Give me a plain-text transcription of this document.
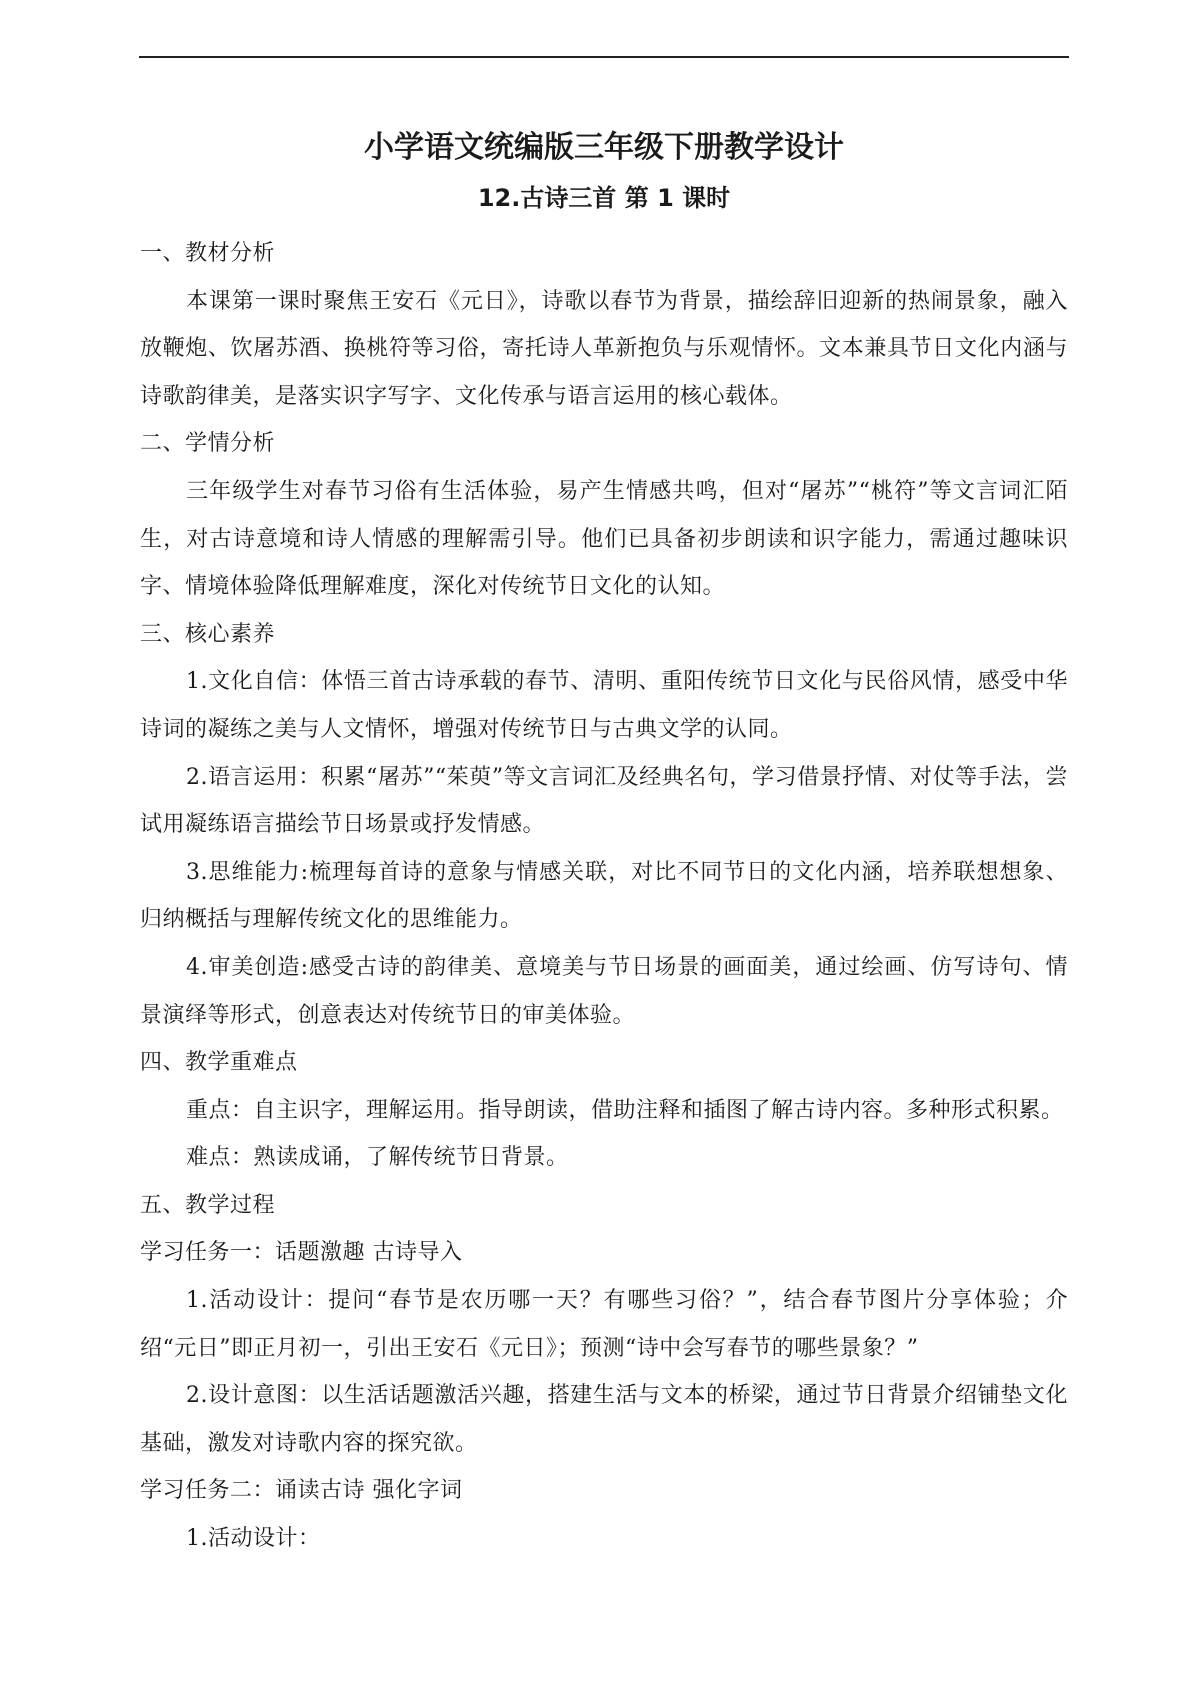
小学语文统编版三年级下册教学设计
12.古诗三首 第 1 课时

一、教材分析

本课第一课时聚焦王安石《元日》，诗歌以春节为背景，描绘辞旧迎新的热闹景象，融入放鞭炮、饮屠苏酒、换桃符等习俗，寄托诗人革新抱负与乐观情怀。文本兼具节日文化内涵与诗歌韵律美，是落实识字写字、文化传承与语言运用的核心载体。

二、学情分析

三年级学生对春节习俗有生活体验，易产生情感共鸣，但对“屠苏”“桃符”等文言词汇陌生，对古诗意境和诗人情感的理解需引导。他们已具备初步朗读和识字能力，需通过趣味识字、情境体验降低理解难度，深化对传统节日文化的认知。

三、核心素养

1.文化自信：体悟三首古诗承载的春节、清明、重阳传统节日文化与民俗风情，感受中华诗词的凝练之美与人文情怀，增强对传统节日与古典文学的认同。

2.语言运用：积累“屠苏”“茱萸”等文言词汇及经典名句，学习借景抒情、对仗等手法，尝试用凝练语言描绘节日场景或抒发情感。

3.思维能力:梳理每首诗的意象与情感关联，对比不同节日的文化内涵，培养联想想象、归纳概括与理解传统文化的思维能力。

4.审美创造:感受古诗的韵律美、意境美与节日场景的画面美，通过绘画、仿写诗句、情景演绎等形式，创意表达对传统节日的审美体验。

四、教学重难点

重点：自主识字，理解运用。指导朗读，借助注释和插图了解古诗内容。多种形式积累。

难点：熟读成诵，了解传统节日背景。

五、教学过程

学习任务一：话题激趣 古诗导入

1.活动设计：提问“春节是农历哪一天？有哪些习俗？”，结合春节图片分享体验；介绍“元日”即正月初一，引出王安石《元日》；预测“诗中会写春节的哪些景象？”

2.设计意图：以生活话题激活兴趣，搭建生活与文本的桥梁，通过节日背景介绍铺垫文化基础，激发对诗歌内容的探究欲。

学习任务二：诵读古诗 强化字词

1.活动设计：
